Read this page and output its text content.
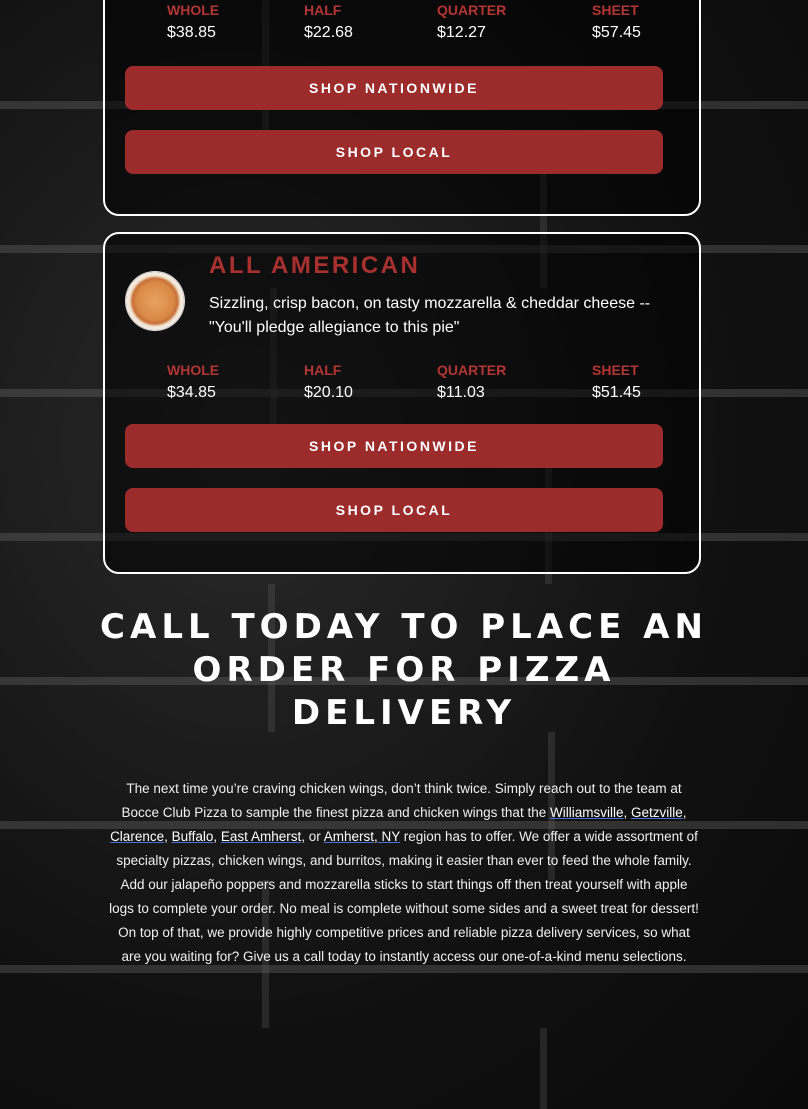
WHOLE
$38.85
HALF
$22.68
QUARTER
$12.27
SHEET
$57.45
SHOP NATIONWIDE
SHOP LOCAL
ALL AMERICAN

Sizzling, crisp bacon, on tasty mozzarella & cheddar cheese -- "You'll pledge allegiance to this pie"

WHOLE
$34.85
HALF
$20.10
QUARTER
$11.03
SHEET
$51.45
SHOP NATIONWIDE
SHOP LOCAL
CALL TODAY TO PLACE AN
ORDER FOR PIZZA
DELIVERY

The next time you’re craving chicken wings, don’t think twice. Simply reach out to the team at Bocce Club Pizza to sample the finest pizza and chicken wings that the Williamsville, Getzville, Clarence, Buffalo, East Amherst, or Amherst, NY region has to offer. We offer a wide assortment of specialty pizzas, chicken wings, and burritos, making it easier than ever to feed the whole family. Add our jalapeño poppers and mozzarella sticks to start things off then treat yourself with apple logs to complete your order. No meal is complete without some sides and a sweet treat for dessert! On top of that, we provide highly competitive prices and reliable pizza delivery services, so what are you waiting for? Give us a call today to instantly access our one-of-a-kind menu selections.
